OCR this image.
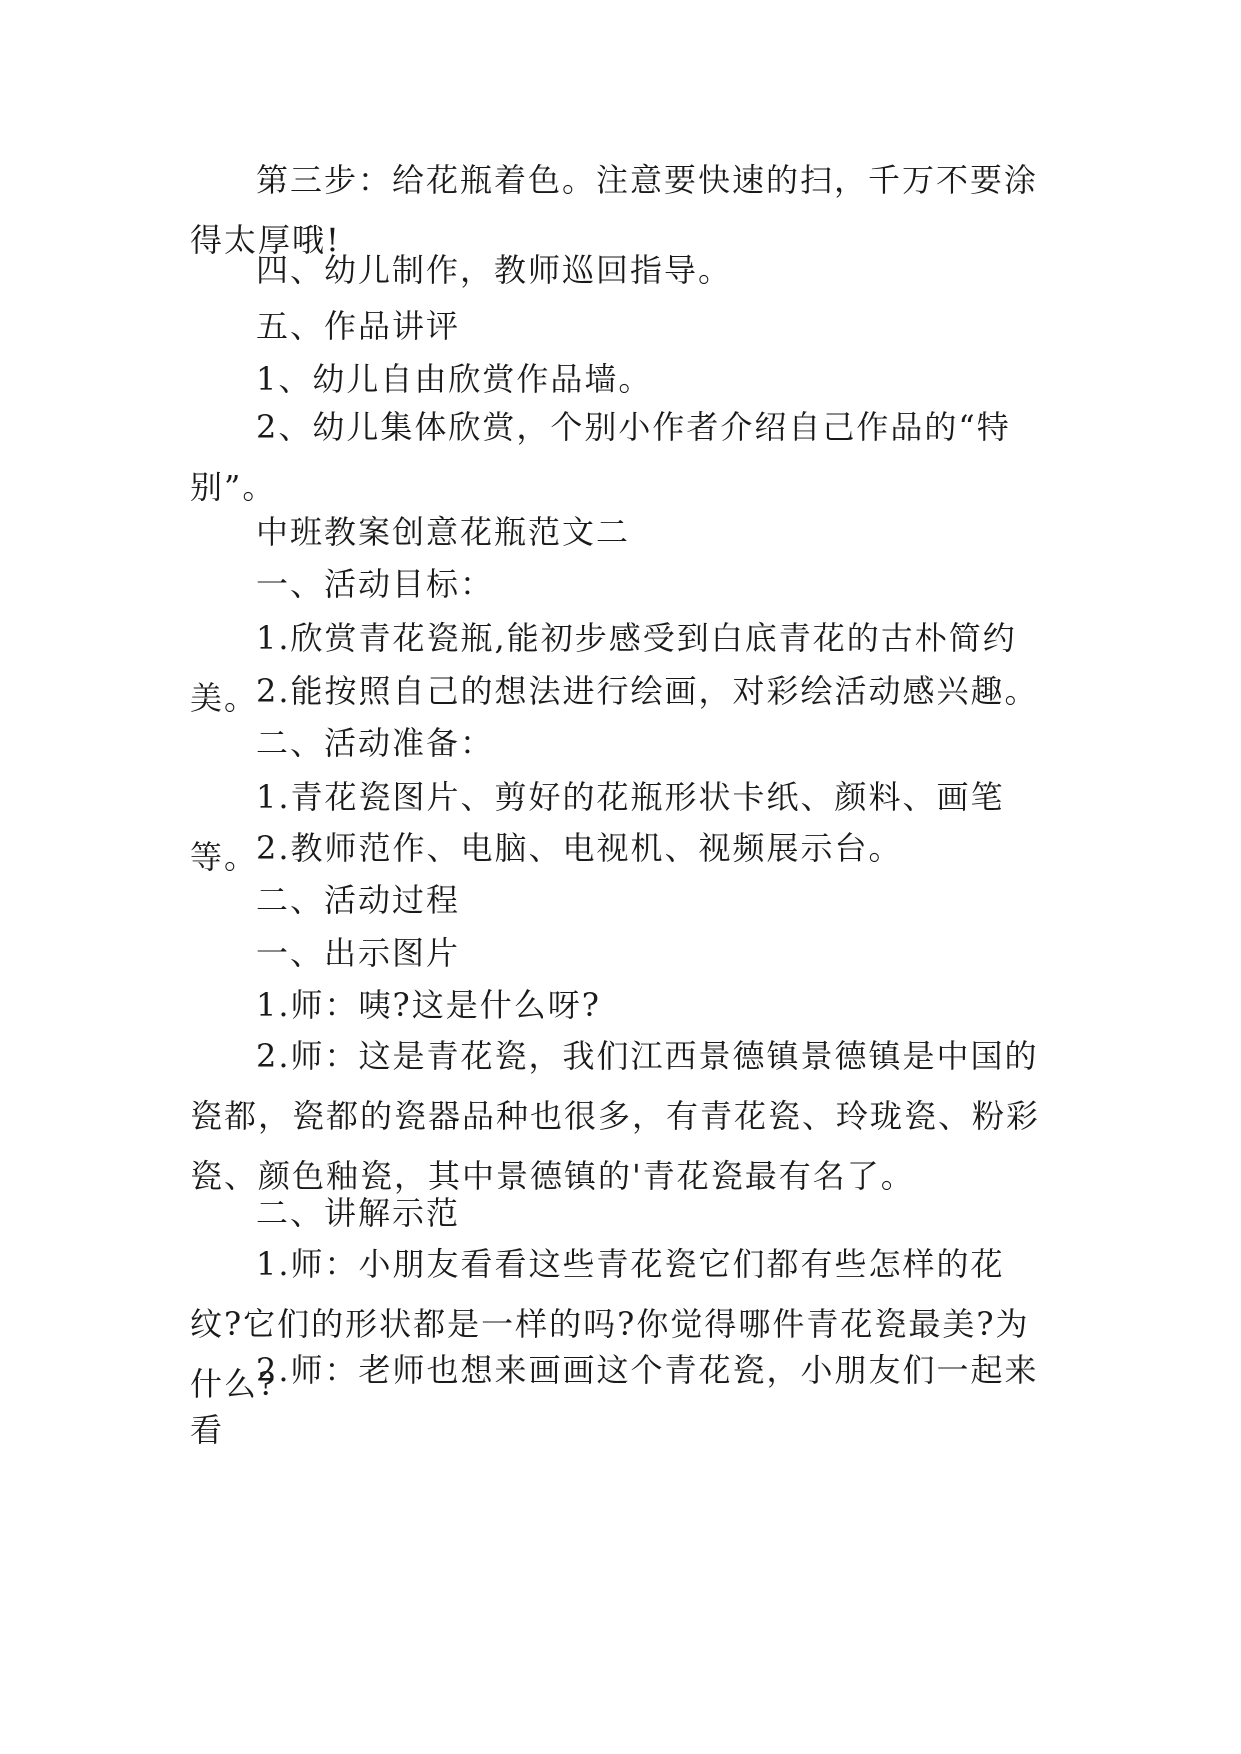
第三步：给花瓶着色。注意要快速的扫，千万不要涂得太厚哦!

四、幼儿制作，教师巡回指导。

五、作品讲评

1、幼儿自由欣赏作品墙。

2、幼儿集体欣赏，个别小作者介绍自己作品的“特别”。

中班教案创意花瓶范文二

一、活动目标：

1.欣赏青花瓷瓶,能初步感受到白底青花的古朴简约美。

2.能按照自己的想法进行绘画，对彩绘活动感兴趣。

二、活动准备：

1.青花瓷图片、剪好的花瓶形状卡纸、颜料、画笔等。

2.教师范作、电脑、电视机、视频展示台。

二、活动过程

一、出示图片

1.师：咦?这是什么呀?

2.师：这是青花瓷，我们江西景德镇景德镇是中国的瓷都，瓷都的瓷器品种也很多，有青花瓷、玲珑瓷、粉彩瓷、颜色釉瓷，其中景德镇的'青花瓷最有名了。

二、讲解示范

1.师：小朋友看看这些青花瓷它们都有些怎样的花纹?它们的形状都是一样的吗?你觉得哪件青花瓷最美?为什么?

2.师：老师也想来画画这个青花瓷，小朋友们一起来看
